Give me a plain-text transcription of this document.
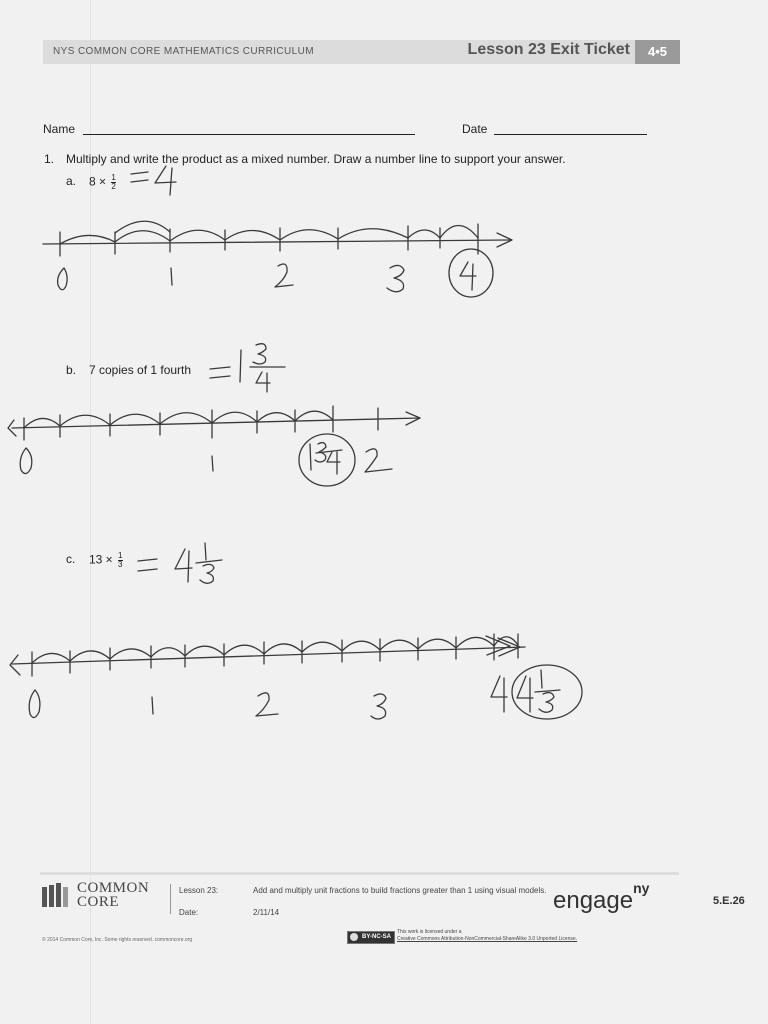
NYS COMMON CORE MATHEMATICS CURRICULUM	Lesson 23 Exit Ticket	4•5
Name	Date
1. Multiply and write the product as a mixed number. Draw a number line to support your answer.
a. $8 \times \frac{1}{2}$
b. 7 copies of 1 fourth
c. $13 \times \frac{1}{3}$
COMMON
CORE
Lesson 23:
Date:
Add and multiply unit fractions to build fractions greater than 1 using visual models.
2/11/14	engage$^{ny}$
5.E.26
© 2014 Common Core, Inc. Some rights reserved. commoncore.org	BY-NC-SA
This work is licensed under a
Creative Commons Attribution-NonCommercial-ShareAlike 3.0 Unported License.
